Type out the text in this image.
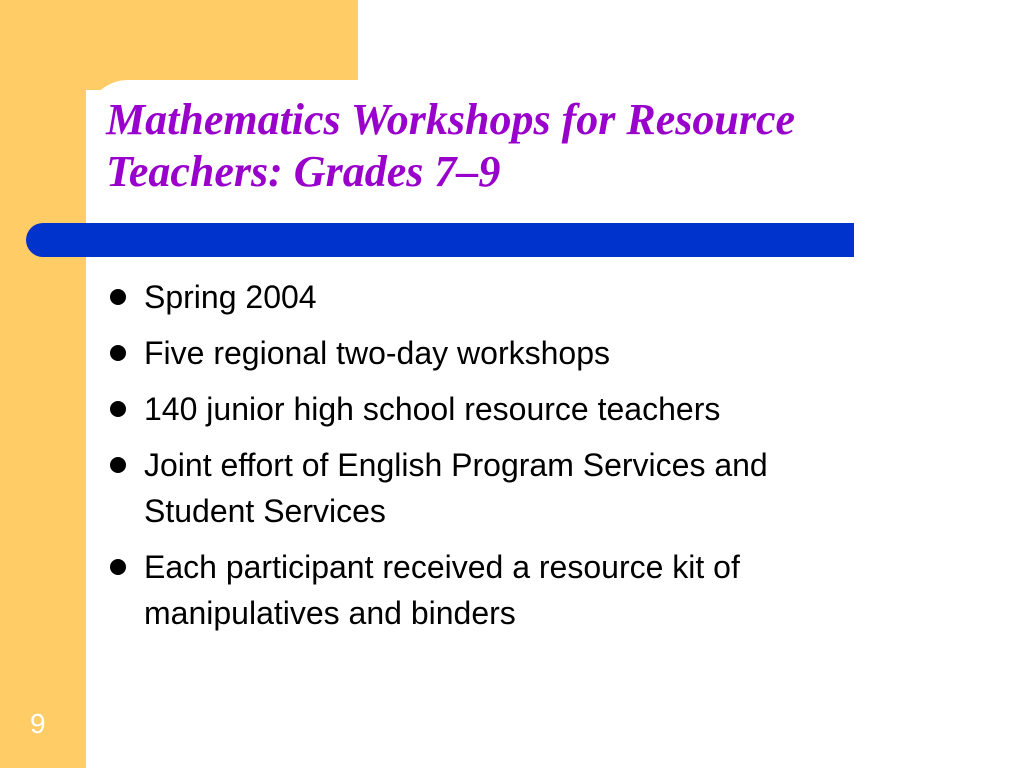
Mathematics Workshops for Resource
Teachers: Grades 7–9
Spring 2004
Five regional two-day workshops
140 junior high school resource teachers
Joint effort of English Program Services and
Student Services
Each participant received a resource kit of
manipulatives and binders
9
